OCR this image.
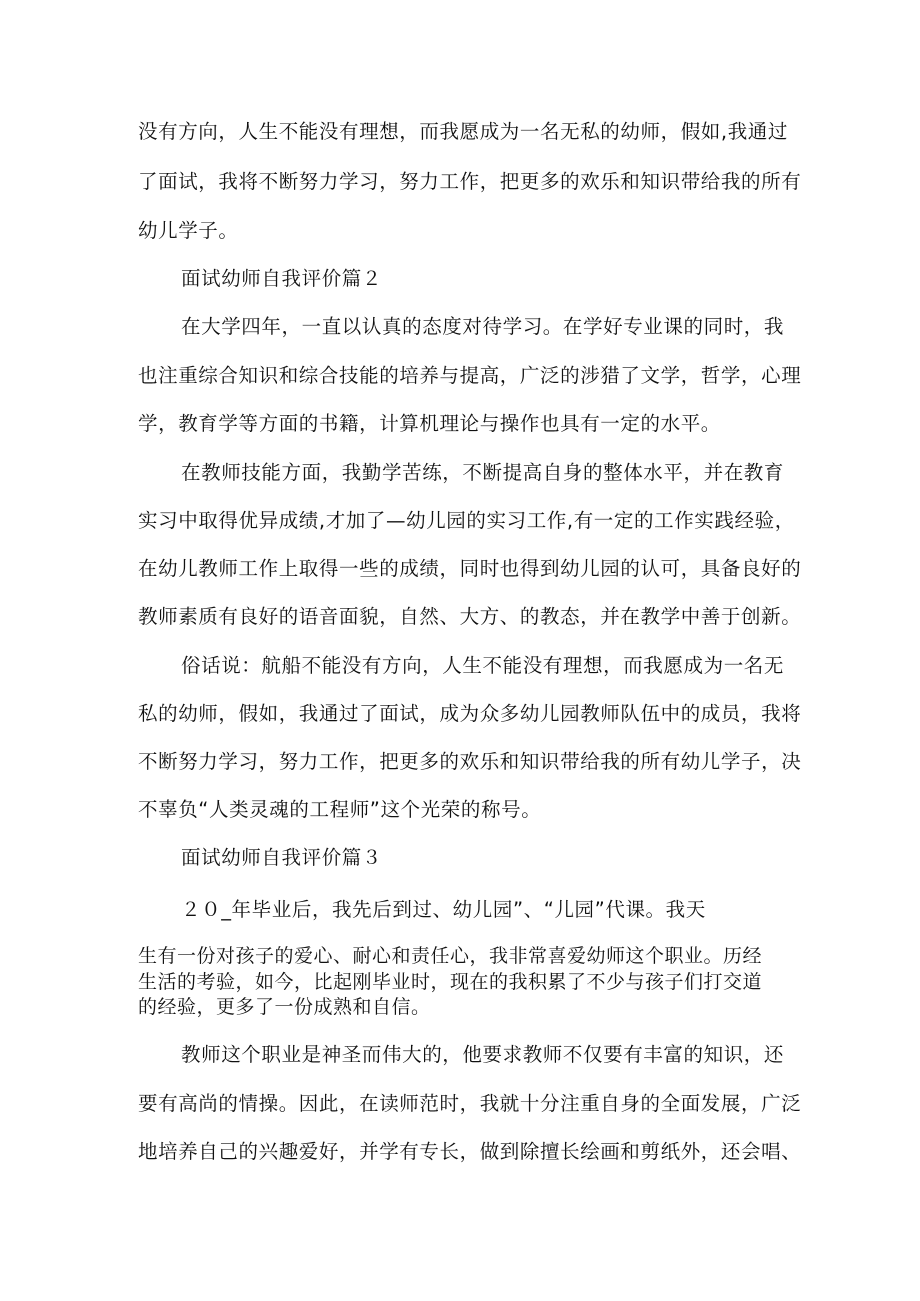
没有方向，人生不能没有理想，而我愿成为一名无私的幼师，假如,我通过
了面试，我将不断努力学习，努力工作，把更多的欢乐和知识带给我的所有
幼儿学子。
面试幼师自我评价篇２
在大学四年，一直以认真的态度对待学习。在学好专业课的同时，我
也注重综合知识和综合技能的培养与提高，广泛的涉猎了文学，哲学，心理
学，教育学等方面的书籍，计算机理论与操作也具有一定的水平。
在教师技能方面，我勤学苦练，不断提高自身的整体水平，并在教育
实习中取得优异成绩,才加了—幼儿园的实习工作,有一定的工作实践经验，
在幼儿教师工作上取得一些的成绩，同时也得到幼儿园的认可，具备良好的
教师素质有良好的语音面貌，自然、大方、的教态，并在教学中善于创新。
俗话说：航船不能没有方向，人生不能没有理想，而我愿成为一名无
私的幼师，假如，我通过了面试，成为众多幼儿园教师队伍中的成员，我将
不断努力学习，努力工作，把更多的欢乐和知识带给我的所有幼儿学子，决
不辜负“人类灵魂的工程师”这个光荣的称号。
面试幼师自我评价篇３
２０_年毕业后，我先后到过、幼儿园”、“儿园”代课。我天
生有一份对孩子的爱心、耐心和责任心，我非常喜爱幼师这个职业。历经
生活的考验，如今，比起刚毕业时，现在的我积累了不少与孩子们打交道
的经验，更多了一份成熟和自信。
教师这个职业是神圣而伟大的，他要求教师不仅要有丰富的知识，还
要有高尚的情操。因此，在读师范时，我就十分注重自身的全面发展，广泛
地培养自己的兴趣爱好，并学有专长，做到除擅长绘画和剪纸外，还会唱、
